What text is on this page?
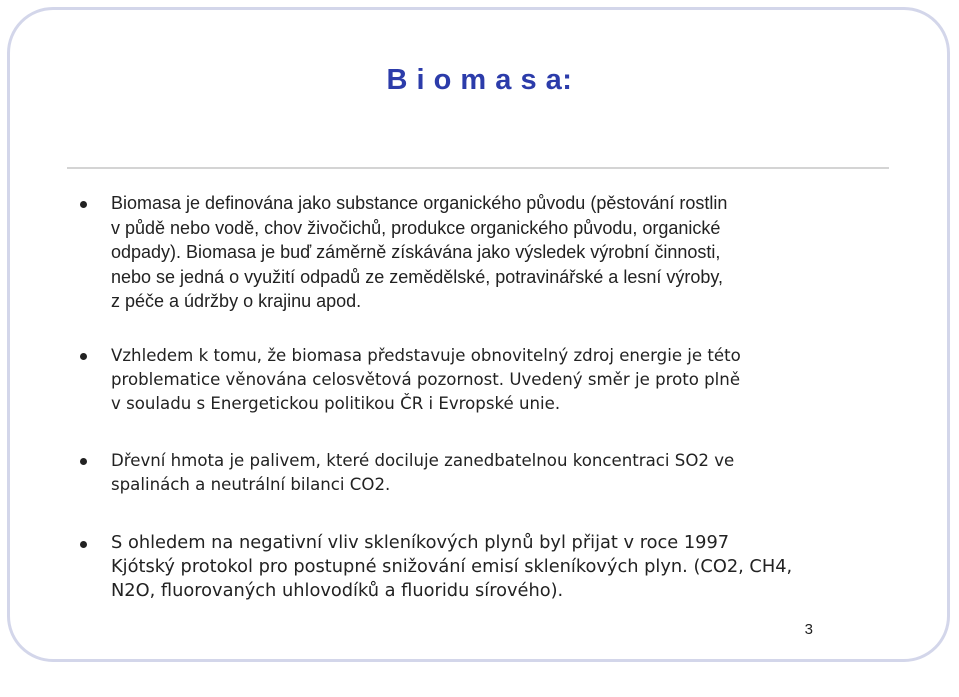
B i o m a s a:

Biomasa je definována jako substance organického původu (pěstování rostlin
v půdě nebo vodě, chov živočichů, produkce organického původu, organické
odpady). Biomasa je buď záměrně získávána jako výsledek výrobní činnosti,
nebo se jedná o využití odpadů ze zemědělské, potravinářské a lesní výroby,
z péče a údržby o krajinu apod.

Vzhledem k tomu, že biomasa představuje obnovitelný zdroj energie je této
problematice věnována celosvětová pozornost. Uvedený směr je proto plně
v souladu s Energetickou politikou ČR i Evropské unie.

Dřevní hmota je palivem, které dociluje zanedbatelnou koncentraci SO2 ve
spalinách a neutrální bilanci CO2.

S ohledem na negativní vliv skleníkových plynů byl přijat v roce 1997
Kjótský protokol pro postupné snižování emisí skleníkových plyn. (CO2, CH4,
N2O, fluorovaných uhlovodíků a fluoridu sírového).

3
